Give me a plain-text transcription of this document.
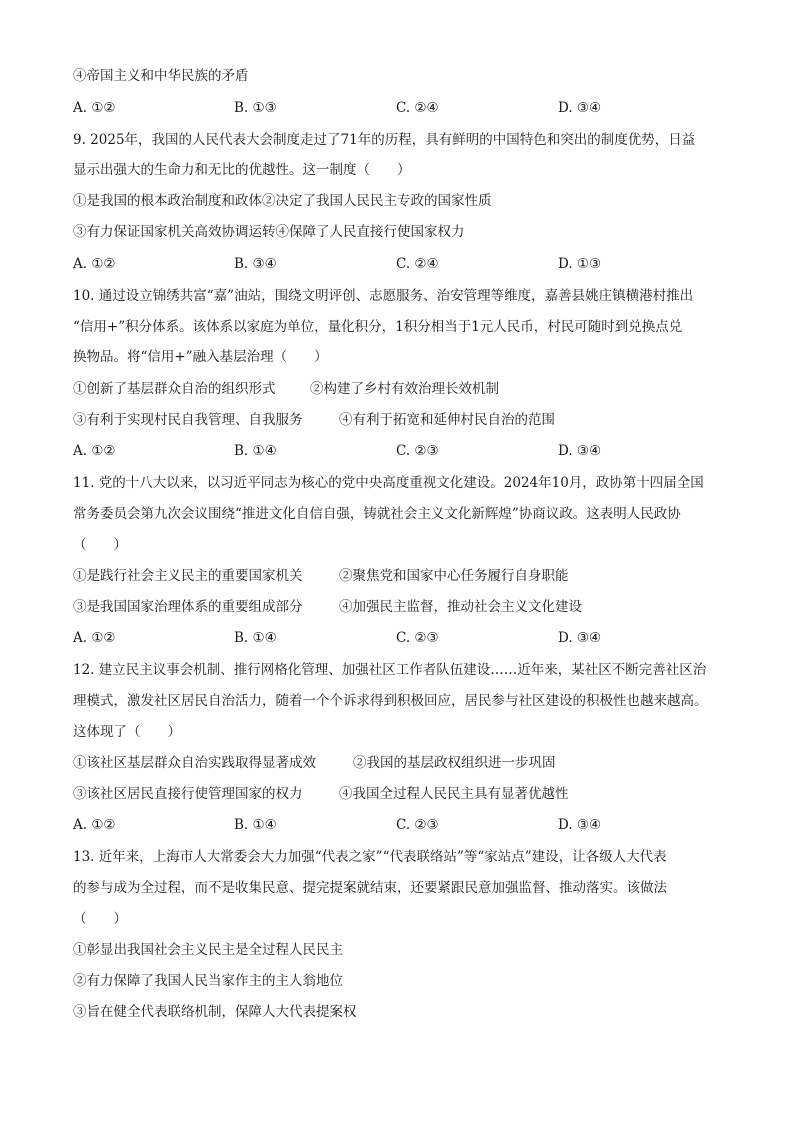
④帝国主义和中华民族的矛盾
A. ①②	B. ①③	C. ②④	D. ③④
9. 2025年，我国的人民代表大会制度走过了71年的历程，具有鲜明的中国特色和突出的制度优势，日益
显示出强大的生命力和无比的优越性。这一制度（　　）
①是我国的根本政治制度和政体②决定了我国人民民主专政的国家性质
③有力保证国家机关高效协调运转④保障了人民直接行使国家权力
A. ①②	B. ③④	C. ②④	D. ①③
10. 通过设立锦绣共富“嘉”油站，围绕文明评创、志愿服务、治安管理等维度，嘉善县姚庄镇横港村推出
“信用+”积分体系。该体系以家庭为单位，量化积分，1积分相当于1元人民币，村民可随时到兑换点兑
换物品。将“信用+”融入基层治理（　　）
①创新了基层群众自治的组织形式	②构建了乡村有效治理长效机制
③有利于实现村民自我管理、自我服务	④有利于拓宽和延伸村民自治的范围
A. ①②	B. ①④	C. ②③	D. ③④
11. 党的十八大以来，以习近平同志为核心的党中央高度重视文化建设。2024年10月，政协第十四届全国
常务委员会第九次会议围绕“推进文化自信自强，铸就社会主义文化新辉煌”协商议政。这表明人民政协
（　　）
①是践行社会主义民主的重要国家机关	②聚焦党和国家中心任务履行自身职能
③是我国国家治理体系的重要组成部分	④加强民主监督，推动社会主义文化建设
A. ①②	B. ①④	C. ②③	D. ③④
12. 建立民主议事会机制、推行网格化管理、加强社区工作者队伍建设……近年来，某社区不断完善社区治
理模式，激发社区居民自治活力，随着一个个诉求得到积极回应，居民参与社区建设的积极性也越来越高。
这体现了（　　）
①该社区基层群众自治实践取得显著成效	②我国的基层政权组织进一步巩固
③该社区居民直接行使管理国家的权力	④我国全过程人民民主具有显著优越性
A. ①②	B. ①④	C. ②③	D. ③④
13. 近年来，上海市人大常委会大力加强“代表之家”“代表联络站”等“家站点”建设，让各级人大代表
的参与成为全过程，而不是收集民意、提完提案就结束，还要紧跟民意加强监督、推动落实。该做法
（　　）
①彰显出我国社会主义民主是全过程人民民主
②有力保障了我国人民当家作主的主人翁地位
③旨在健全代表联络机制，保障人大代表提案权
